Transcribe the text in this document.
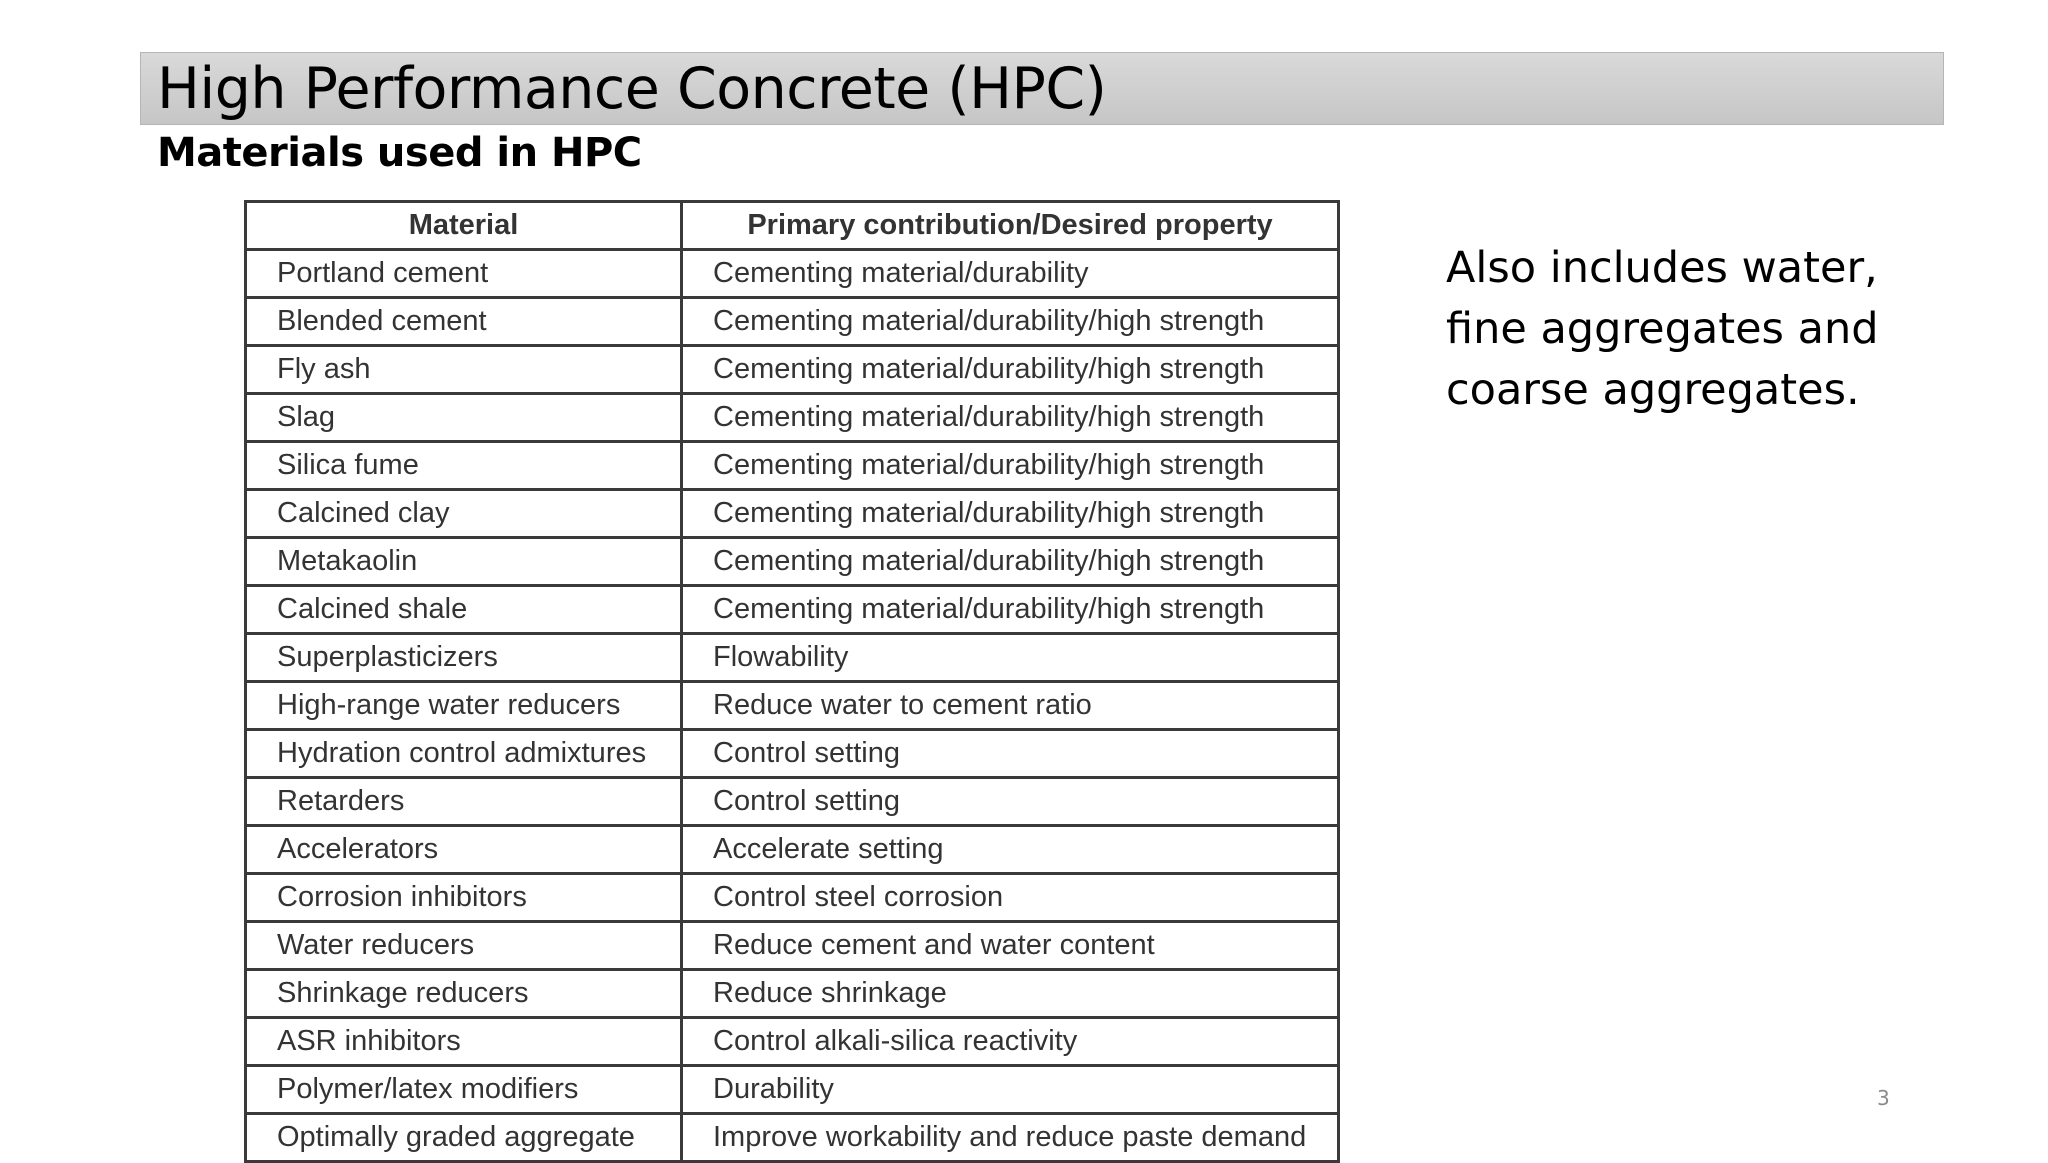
High Performance Concrete (HPC)
Materials used in HPC
Material	Primary contribution/Desired property
Portland cement	Cementing material/durability
Blended cement	Cementing material/durability/high strength
Fly ash	Cementing material/durability/high strength
Slag	Cementing material/durability/high strength
Silica fume	Cementing material/durability/high strength
Calcined clay	Cementing material/durability/high strength
Metakaolin	Cementing material/durability/high strength
Calcined shale	Cementing material/durability/high strength
Superplasticizers	Flowability
High-range water reducers	Reduce water to cement ratio
Hydration control admixtures	Control setting
Retarders	Control setting
Accelerators	Accelerate setting
Corrosion inhibitors	Control steel corrosion
Water reducers	Reduce cement and water content
Shrinkage reducers	Reduce shrinkage
ASR inhibitors	Control alkali-silica reactivity
Polymer/latex modifiers	Durability
Optimally graded aggregate	Improve workability and reduce paste demand
Also includes water,
fine aggregates and
coarse aggregates.
3
